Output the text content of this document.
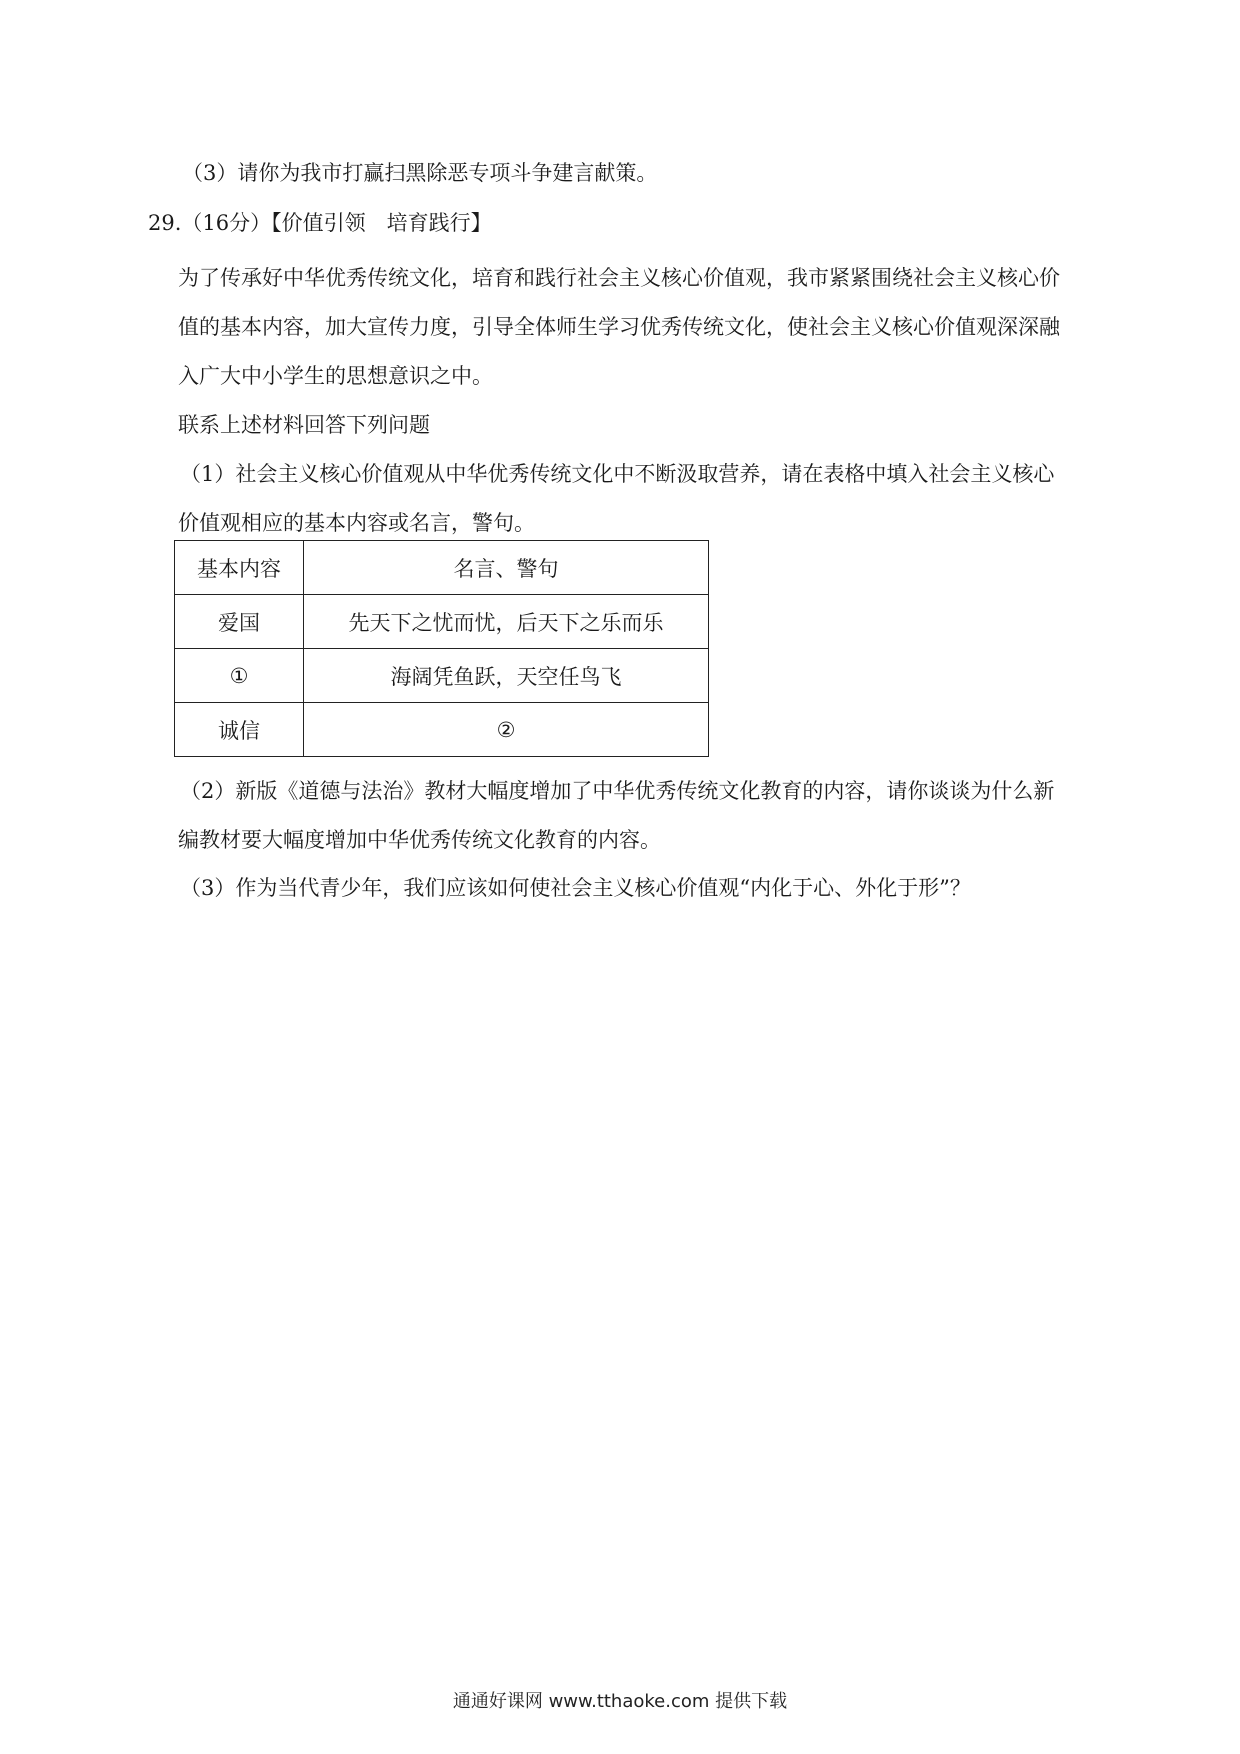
（3）请你为我市打赢扫黑除恶专项斗争建言献策。
29.（16分）【价值引领　培育践行】
为了传承好中华优秀传统文化，培育和践行社会主义核心价值观，我市紧紧围绕社会主义核心价
值的基本内容，加大宣传力度，引导全体师生学习优秀传统文化，使社会主义核心价值观深深融
入广大中小学生的思想意识之中。
联系上述材料回答下列问题
（1）社会主义核心价值观从中华优秀传统文化中不断汲取营养，请在表格中填入社会主义核心
价值观相应的基本内容或名言，警句。
基本内容	名言、警句
爱国	先天下之忧而忧，后天下之乐而乐
①	海阔凭鱼跃，天空任鸟飞
诚信	②
（2）新版《道德与法治》教材大幅度增加了中华优秀传统文化教育的内容，请你谈谈为什么新
编教材要大幅度增加中华优秀传统文化教育的内容。
（3）作为当代青少年，我们应该如何使社会主义核心价值观“内化于心、外化于形”？
通通好课网 www.tthaoke.com 提供下载
